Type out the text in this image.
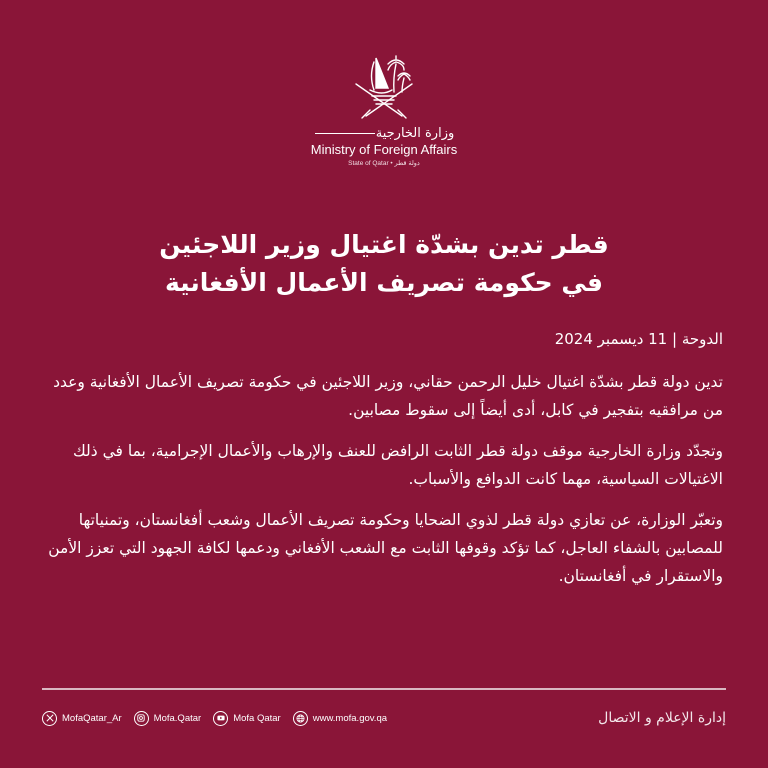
وزارة الخارجية
Ministry of Foreign Affairs
State of Qatar • دولة قطر
قطر تدين بشدّة اغتيال وزير اللاجئين
في حكومة تصريف الأعمال الأفغانية
الدوحة | 11 ديسمبر 2024

تدين دولة قطر بشدّة اغتيال خليل الرحمن حقاني، وزير اللاجئين في حكومة تصريف الأعمال الأفغانية وعدد من مرافقيه بتفجير في كابل، أدى أيضاً إلى سقوط مصابين.

وتجدّد وزارة الخارجية موقف دولة قطر الثابت الرافض للعنف والإرهاب والأعمال الإجرامية، بما في ذلك الاغتيالات السياسية، مهما كانت الدوافع والأسباب.

وتعبّر الوزارة، عن تعازي دولة قطر لذوي الضحايا وحكومة تصريف الأعمال وشعب أفغانستان، وتمنياتها للمصابين بالشفاء العاجل، كما تؤكد وقوفها الثابت مع الشعب الأفغاني ودعمها لكافة الجهود التي تعزز الأمن والاستقرار في أفغانستان.

MofaQatar_Ar	Mofa.Qatar	Mofa Qatar	www.mofa.gov.qa	إدارة الإعلام و الاتصال
